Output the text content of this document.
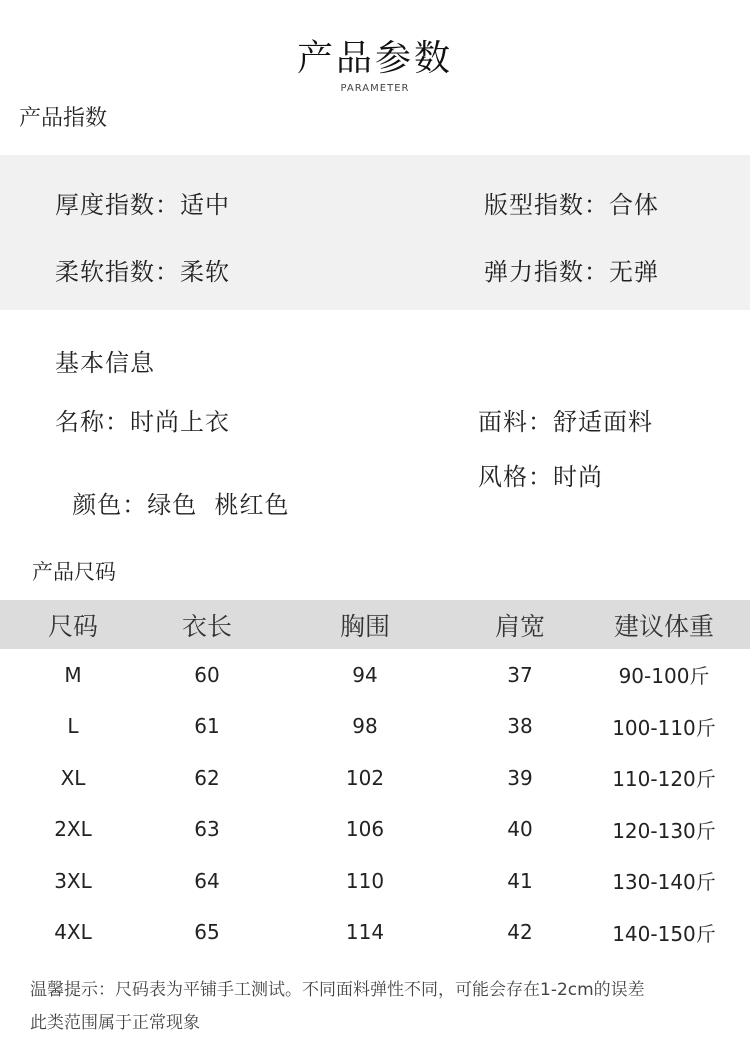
产品参数
PARAMETER
产品指数
厚度指数：适中	版型指数：合体
柔软指数：柔软	弹力指数：无弹
基本信息
名称：时尚上衣	面料：舒适面料

颜色：绿色  桃红色

风格：时尚
产品尺码
尺码	衣长	胸围	肩宽	建议体重
M	60	94	37	90-100斤
L	61	98	38	100-110斤
XL	62	102	39	110-120斤
2XL	63	106	40	120-130斤
3XL	64	110	41	130-140斤
4XL	65	114	42	140-150斤
温馨提示：尺码表为平铺手工测试。不同面料弹性不同，可能会存在1-2cm的误差
此类范围属于正常现象
